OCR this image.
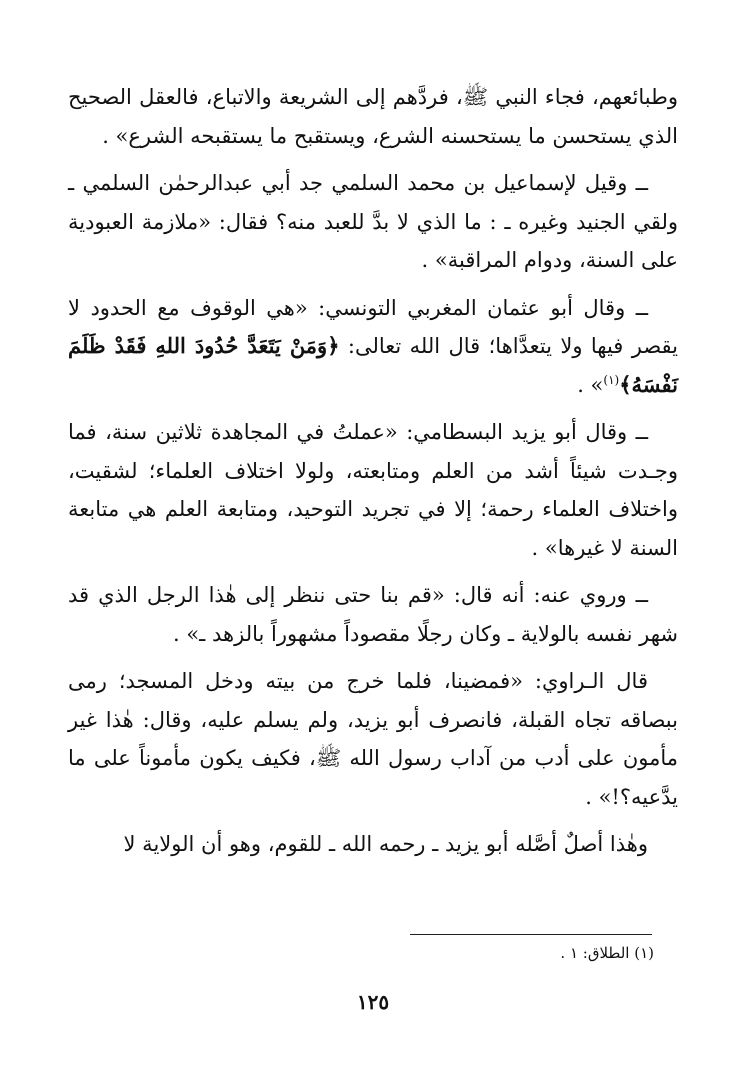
وطبائعهم، فجاء النبي ﷺ، فردَّهم إلى الشريعة والاتباع، فالعقل الصحيح الذي يستحسن ما يستحسنه الشرع، ويستقبح ما يستقبحه الشرع» .

ــ وقيل لإسماعيل بن محمد السلمي جد أبي عبدالرحمٰن السلمي ـ ولقي الجنيد وغيره ـ : ما الذي لا بدَّ للعبد منه؟ فقال: «ملازمة العبودية على السنة، ودوام المراقبة» .

ــ وقال أبو عثمان المغربي التونسي: «هي الوقوف مع الحدود لا يقصر فيها ولا يتعدَّاها؛ قال الله تعالى: ﴿وَمَنْ يَتَعَدَّ حُدُودَ اللهِ فَقَدْ ظَلَمَ نَفْسَهُ﴾$^{(١)}$» .

ــ وقال أبو يزيد البسطامي: «عملتُ في المجاهدة ثلاثين سنة، فما وجـدت شيئاً أشد من العلم ومتابعته، ولولا اختلاف العلماء؛ لشقيت، واختلاف العلماء رحمة؛ إلا في تجريد التوحيد، ومتابعة العلم هي متابعة السنة لا غيرها» .

ــ وروي عنه: أنه قال: «قم بنا حتى ننظر إلى هٰذا الرجل الذي قد شهر نفسه بالولاية ـ وكان رجلًا مقصوداً مشهوراً بالزهد ـ» .

قال الـراوي: «فمضينا، فلما خرج من بيته ودخل المسجد؛ رمى ببصاقه تجاه القبلة، فانصرف أبو يزيد، ولم يسلم عليه، وقال: هٰذا غير مأمون على أدب من آداب رسول الله ﷺ، فكيف يكون مأموناً على ما يدَّعيه؟!» .

وهٰذا أصلٌ أصَّله أبو يزيد ـ رحمه الله ـ للقوم، وهو أن الولاية لا

(١) الطلاق: ١ .
١٢٥
